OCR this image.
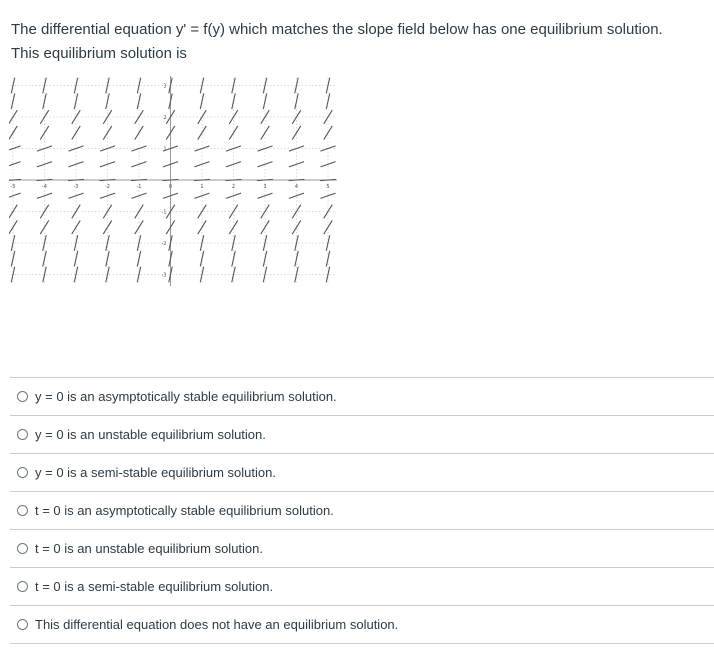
The differential equation y' = f(y) which matches the slope field below has one equilibrium solution.

This equilibrium solution is

-5	-4	-3	-2	-1	0	1	2	3	4	5
3
2
1
-1
-2
-3
y = 0 is an asymptotically stable equilibrium solution.
y = 0 is an unstable equilibrium solution.
y = 0 is a semi-stable equilibrium solution.
t = 0 is an asymptotically stable equilibrium solution.
t = 0 is an unstable equilibrium solution.
t = 0 is a semi-stable equilibrium solution.
This differential equation does not have an equilibrium solution.
